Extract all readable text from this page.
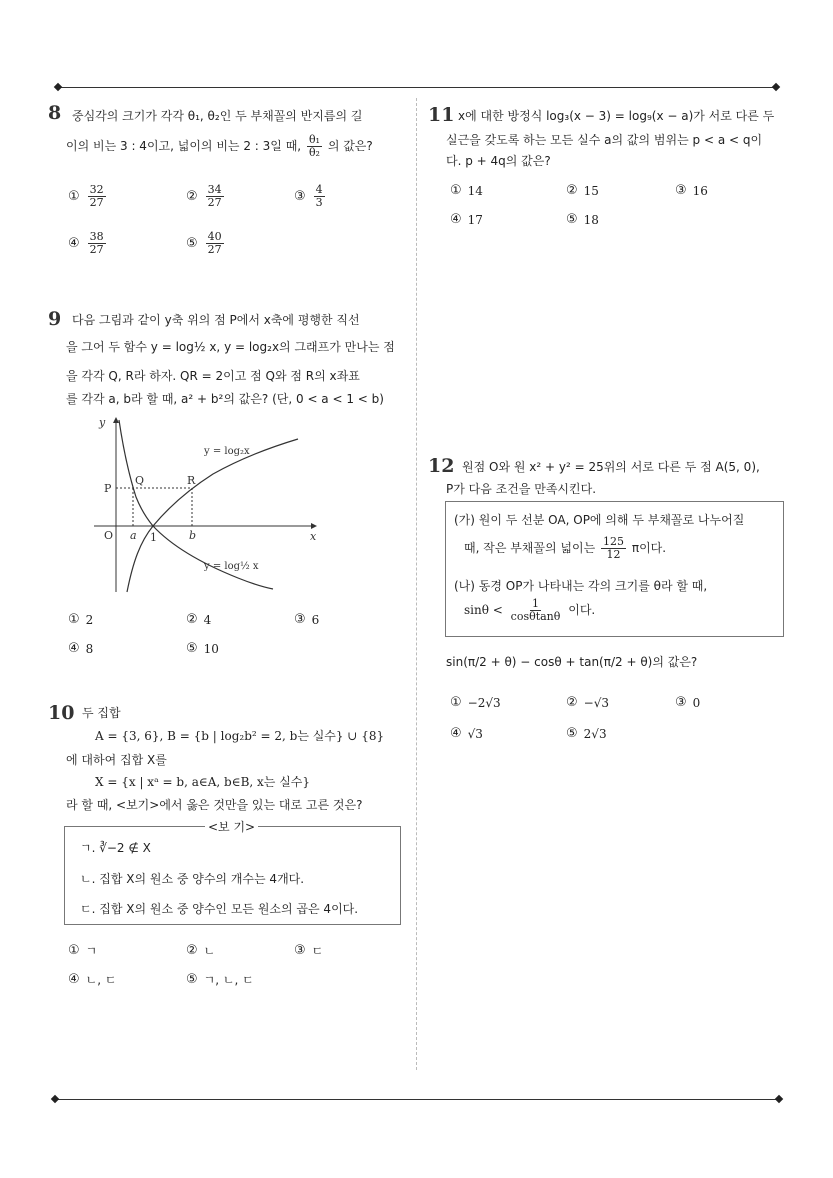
8 중심각의 크기가 각각 θ₁, θ₂인 두 부채꼴의 반지름의 길
이의 비는 3 : 4이고, 넓이의 비는 2 : 3일 때, $\frac{\text{θ₁}}{\text{θ₂}}$ 의 값은?
① $\frac{32}{27}$	② $\frac{34}{27}$	③ $\frac{4}{3}$
④ $\frac{38}{27}$	⑤ $\frac{40}{27}$
9 다음 그림과 같이 y축 위의 점 P에서 x축에 평행한 직선
을 그어 두 함수 y = log½ x, y = log₂x의 그래프가 만나는 점
을 각각 Q, R라 하자. QR = 2이고 점 Q와 점 R의 x좌표
를 각각 a, b라 할 때, a² + b²의 값은? (단, 0 < a < 1 < b)
y
x
O
P
Q	R
a 1	b
y = log₂x
y = log½ x
① 2	② 4	③ 6
④ 8	⑤ 10
10 두 집합
A = {3, 6}, B = {b | log₂b² = 2, b는 실수} ∪ {8}
에 대하여 집합 X를
X = {x | xᵃ = b, a∈A, b∈B, x는 실수}
라 할 때, <보기>에서 옳은 것만을 있는 대로 고른 것은?
<보 기>
ㄱ. ∛−2 ∉ X
ㄴ. 집합 X의 원소 중 양수의 개수는 4개다.
ㄷ. 집합 X의 원소 중 양수인 모든 원소의 곱은 4이다.
① ㄱ	② ㄴ	③ ㄷ
④ ㄴ, ㄷ	⑤ ㄱ, ㄴ, ㄷ
11 x에 대한 방정식 log₃(x − 3) = log₉(x − a)가 서로 다른 두
실근을 갖도록 하는 모든 실수 a의 값의 범위는 p < a < q이
다. p + 4q의 값은?
① 14	② 15	③ 16
④ 17	⑤ 18
12 원점 O와 원 x² + y² = 25위의 서로 다른 두 점 A(5, 0),
P가 다음 조건을 만족시킨다.
(가) 원이 두 선분 OA, OP에 의해 두 부채꼴로 나누어질
때, 작은 부채꼴의 넓이는 $\frac{125}{12}$ π이다.
(나) 동경 OP가 나타내는 각의 크기를 θ라 할 때,
$\sin\theta < \frac{1}{\cos\theta\tan\theta}$ 이다.
sin(π/2 + θ) − cosθ + tan(π/2 + θ)의 값은?
① −2√3	② −√3	③ 0
④ √3	⑤ 2√3
